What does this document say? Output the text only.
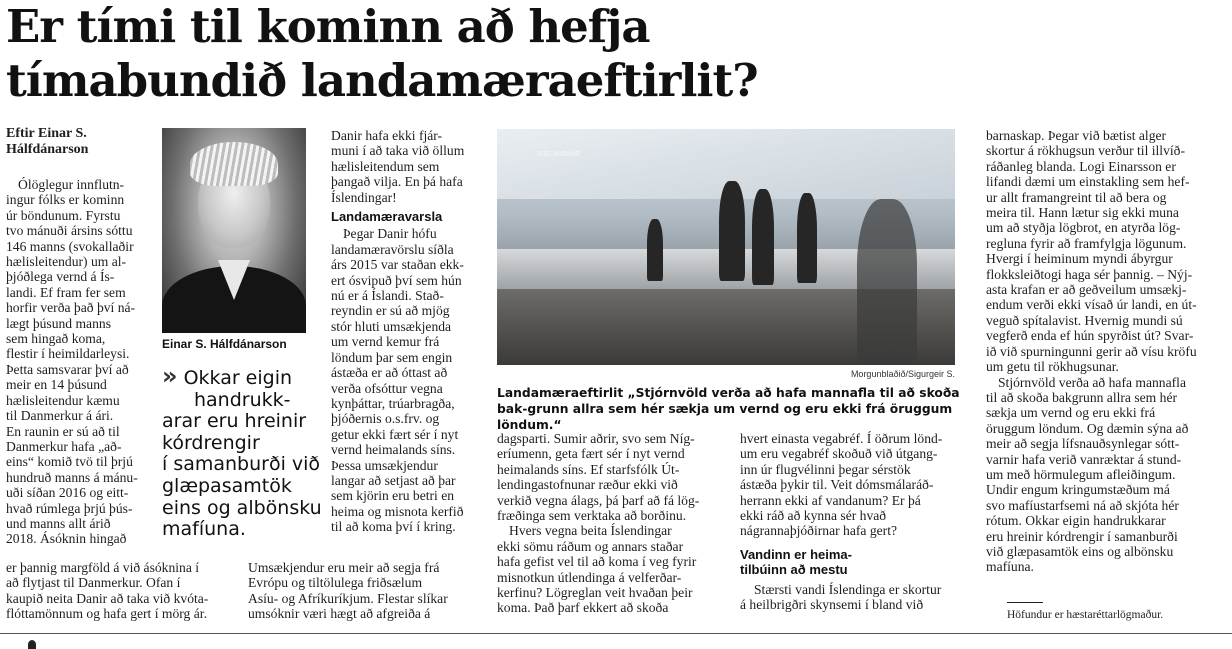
Er tími til kominn að hefja
tímabundið landamæraeftirlit?
Eftir Einar S.
Hálfdánarson
Ólöglegur innflutn-
ingur fólks er kominn
úr böndunum. Fyrstu
tvo mánuði ársins sóttu
146 manns (svokallaðir
hælisleitendur) um al-
þjóðlega vernd á Ís-
landi. Ef fram fer sem
horfir verða það því ná-
lægt þúsund manns
sem hingað koma,
flestir í heimildarleysi.
Þetta samsvarar því að
meir en 14 þúsund
hælisleitendur kæmu
til Danmerkur á ári.
En raunin er sú að til
Danmerkur hafa „að-
eins“ komið tvö til þrjú
hundruð manns á mánu-
uði síðan 2016 og eitt-
hvað rúmlega þrjú þús-
und manns allt árið
2018. Ásóknin hingað
er þannig margföld á við ásóknina í
að flytjast til Danmerkur. Ofan í
kaupið neita Danir að taka við kvóta-
flóttamönnum og hafa gert í mörg ár.
Einar S. Hálfdánarson
» Okkar eigin
handrukk-
arar eru hreinir
kórdrengir
í samanburði við
glæpasamtök
eins og albönsku
mafíuna.
Danir hafa ekki fjár-
muni í að taka við öllum
hælisleitendum sem
þangað vilja. En þá hafa
Íslendingar!
Landamæravarsla
Þegar Danir hófu
landamæravörslu síðla
árs 2015 var staðan ekk-
ert ósvipuð því sem hún
nú er á Íslandi. Stað-
reyndin er sú að mjög
stór hluti umsækjenda
um vernd kemur frá
löndum þar sem engin
ástæða er að óttast að
verða ofsóttur vegna
kynþáttar, trúarbragða,
þjóðernis o.s.frv. og
getur ekki fært sér í nyt
vernd heimalands síns.
Þessa umsækjendur
langar að setjast að þar
sem kjörin eru betri en
heima og misnota kerfið
til að koma því í kring.
Umsækjendur eru meir að segja frá
Evrópu og tiltölulega friðsælum
Asíu- og Afríkuríkjum. Flestar slíkar
umsóknir væri hægt að afgreiða á
ICELANDAIR
Morgunblaðið/Sigurgeir S.
Landamæraeftirlit „Stjórnvöld verða að hafa mannafla til að skoða bak-grunn allra sem hér sækja um vernd og eru ekki frá öruggum löndum.“
dagsparti. Sumir aðrir, svo sem Níg-
eríumenn, geta fært sér í nyt vernd
heimalands síns. Ef starfsfólk Út-
lendingastofnunar ræður ekki við
verkið vegna álags, þá þarf að fá lög-
fræðinga sem verktaka að borðinu.
Hvers vegna beita Íslendingar
ekki sömu ráðum og annars staðar
hafa gefist vel til að koma í veg fyrir
misnotkun útlendinga á velferðar-
kerfinu? Lögreglan veit hvaðan þeir
koma. Það þarf ekkert að skoða
hvert einasta vegabréf. Í öðrum lönd-
um eru vegabréf skoðuð við útgang-
inn úr flugvélinni þegar sérstök
ástæða þykir til. Veit dómsmálaráð-
herrann ekki af vandanum? Er þá
ekki ráð að kynna sér hvað
nágrannaþjóðirnar hafa gert?
Vandinn er heima-
tilbúinn að mestu
Stærsti vandi Íslendinga er skortur
á heilbrigðri skynsemi í bland við
barnaskap. Þegar við bætist alger
skortur á rökhugsun verður til illvíð-
ráðanleg blanda. Logi Einarsson er
lifandi dæmi um einstakling sem hef-
ur allt framangreint til að bera og
meira til. Hann lætur sig ekki muna
um að styðja lögbrot, en atyrða lög-
regluna fyrir að framfylgja lögunum.
Hvergi í heiminum myndi ábyrgur
flokksleiðtogi haga sér þannig. – Nýj-
asta krafan er að geðveilum umsækj-
endum verði ekki vísað úr landi, en út-
veguð spítalavist. Hvernig mundi sú
vegferð enda ef hún spyrðist út? Svar-
ið við spurningunni gerir að vísu kröfu
um getu til rökhugsunar.
Stjórnvöld verða að hafa mannafla
til að skoða bakgrunn allra sem hér
sækja um vernd og eru ekki frá
öruggum löndum. Og dæmin sýna að
meir að segja lífsnauðsynlegar sótt-
varnir hafa verið vanræktar á stund-
um með hörmulegum afleiðingum.
Undir engum kringumstæðum má
svo mafíustarfsemi ná að skjóta hér
rótum. Okkar eigin handrukkarar
eru hreinir kórdrengir í samanburði
við glæpasamtök eins og albönsku
mafíuna.
Höfundur er hæstaréttarlögmaður.
